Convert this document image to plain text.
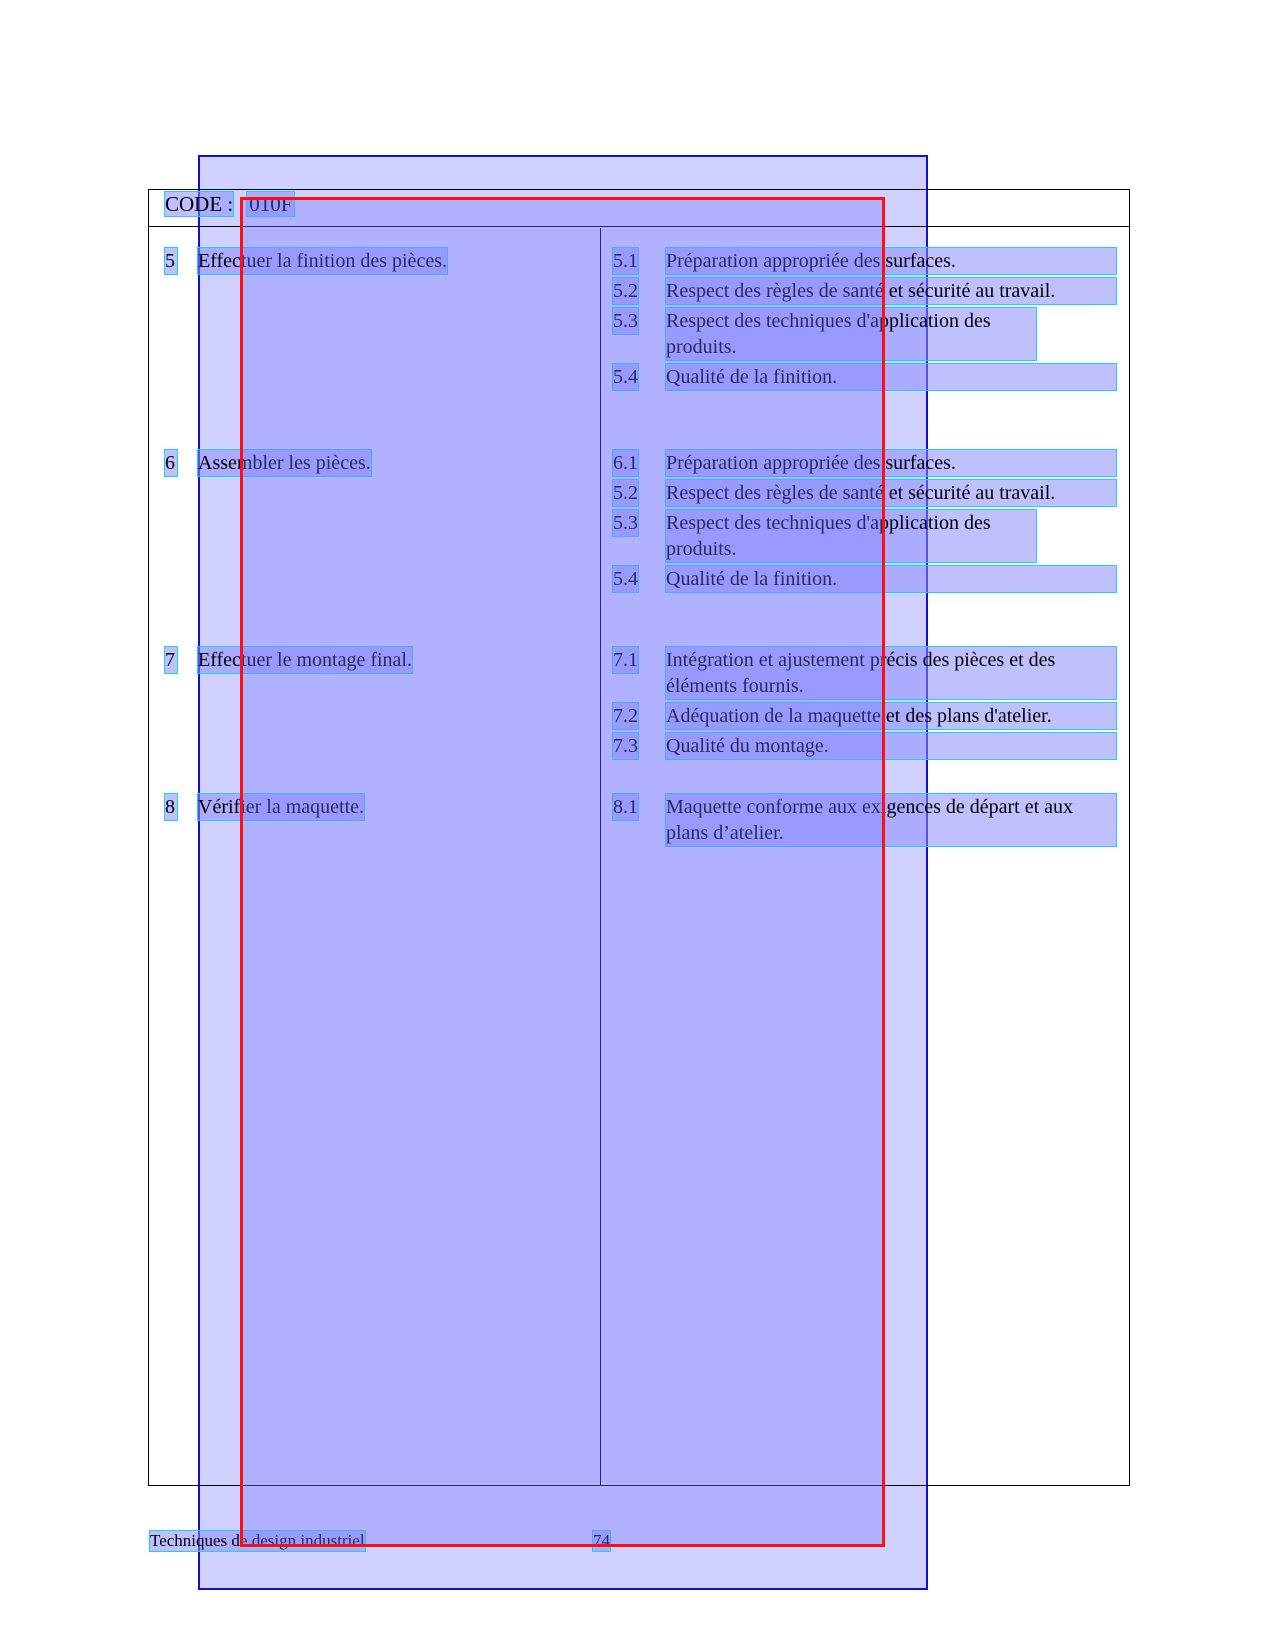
CODE : 010F
5 Effectuer la finition des pièces.	5.1 Préparation appropriée des surfaces.
5.2 Respect des règles de santé et sécurité au travail.
5.3 Respect des techniques d'application des produits.
5.4 Qualité de la finition.
6 Assembler les pièces.	6.1 Préparation appropriée des surfaces.
5.2 Respect des règles de santé et sécurité au travail.
5.3 Respect des techniques d'application des produits.
5.4 Qualité de la finition.
7 Effectuer le montage final.	7.1 Intégration et ajustement précis des pièces et des éléments fournis.
7.2 Adéquation de la maquette et des plans d'atelier.
7.3 Qualité du montage.
8 Vérifier la maquette.	8.1 Maquette conforme aux exigences de départ et aux plans d’atelier.
Techniques de design industriel	74
